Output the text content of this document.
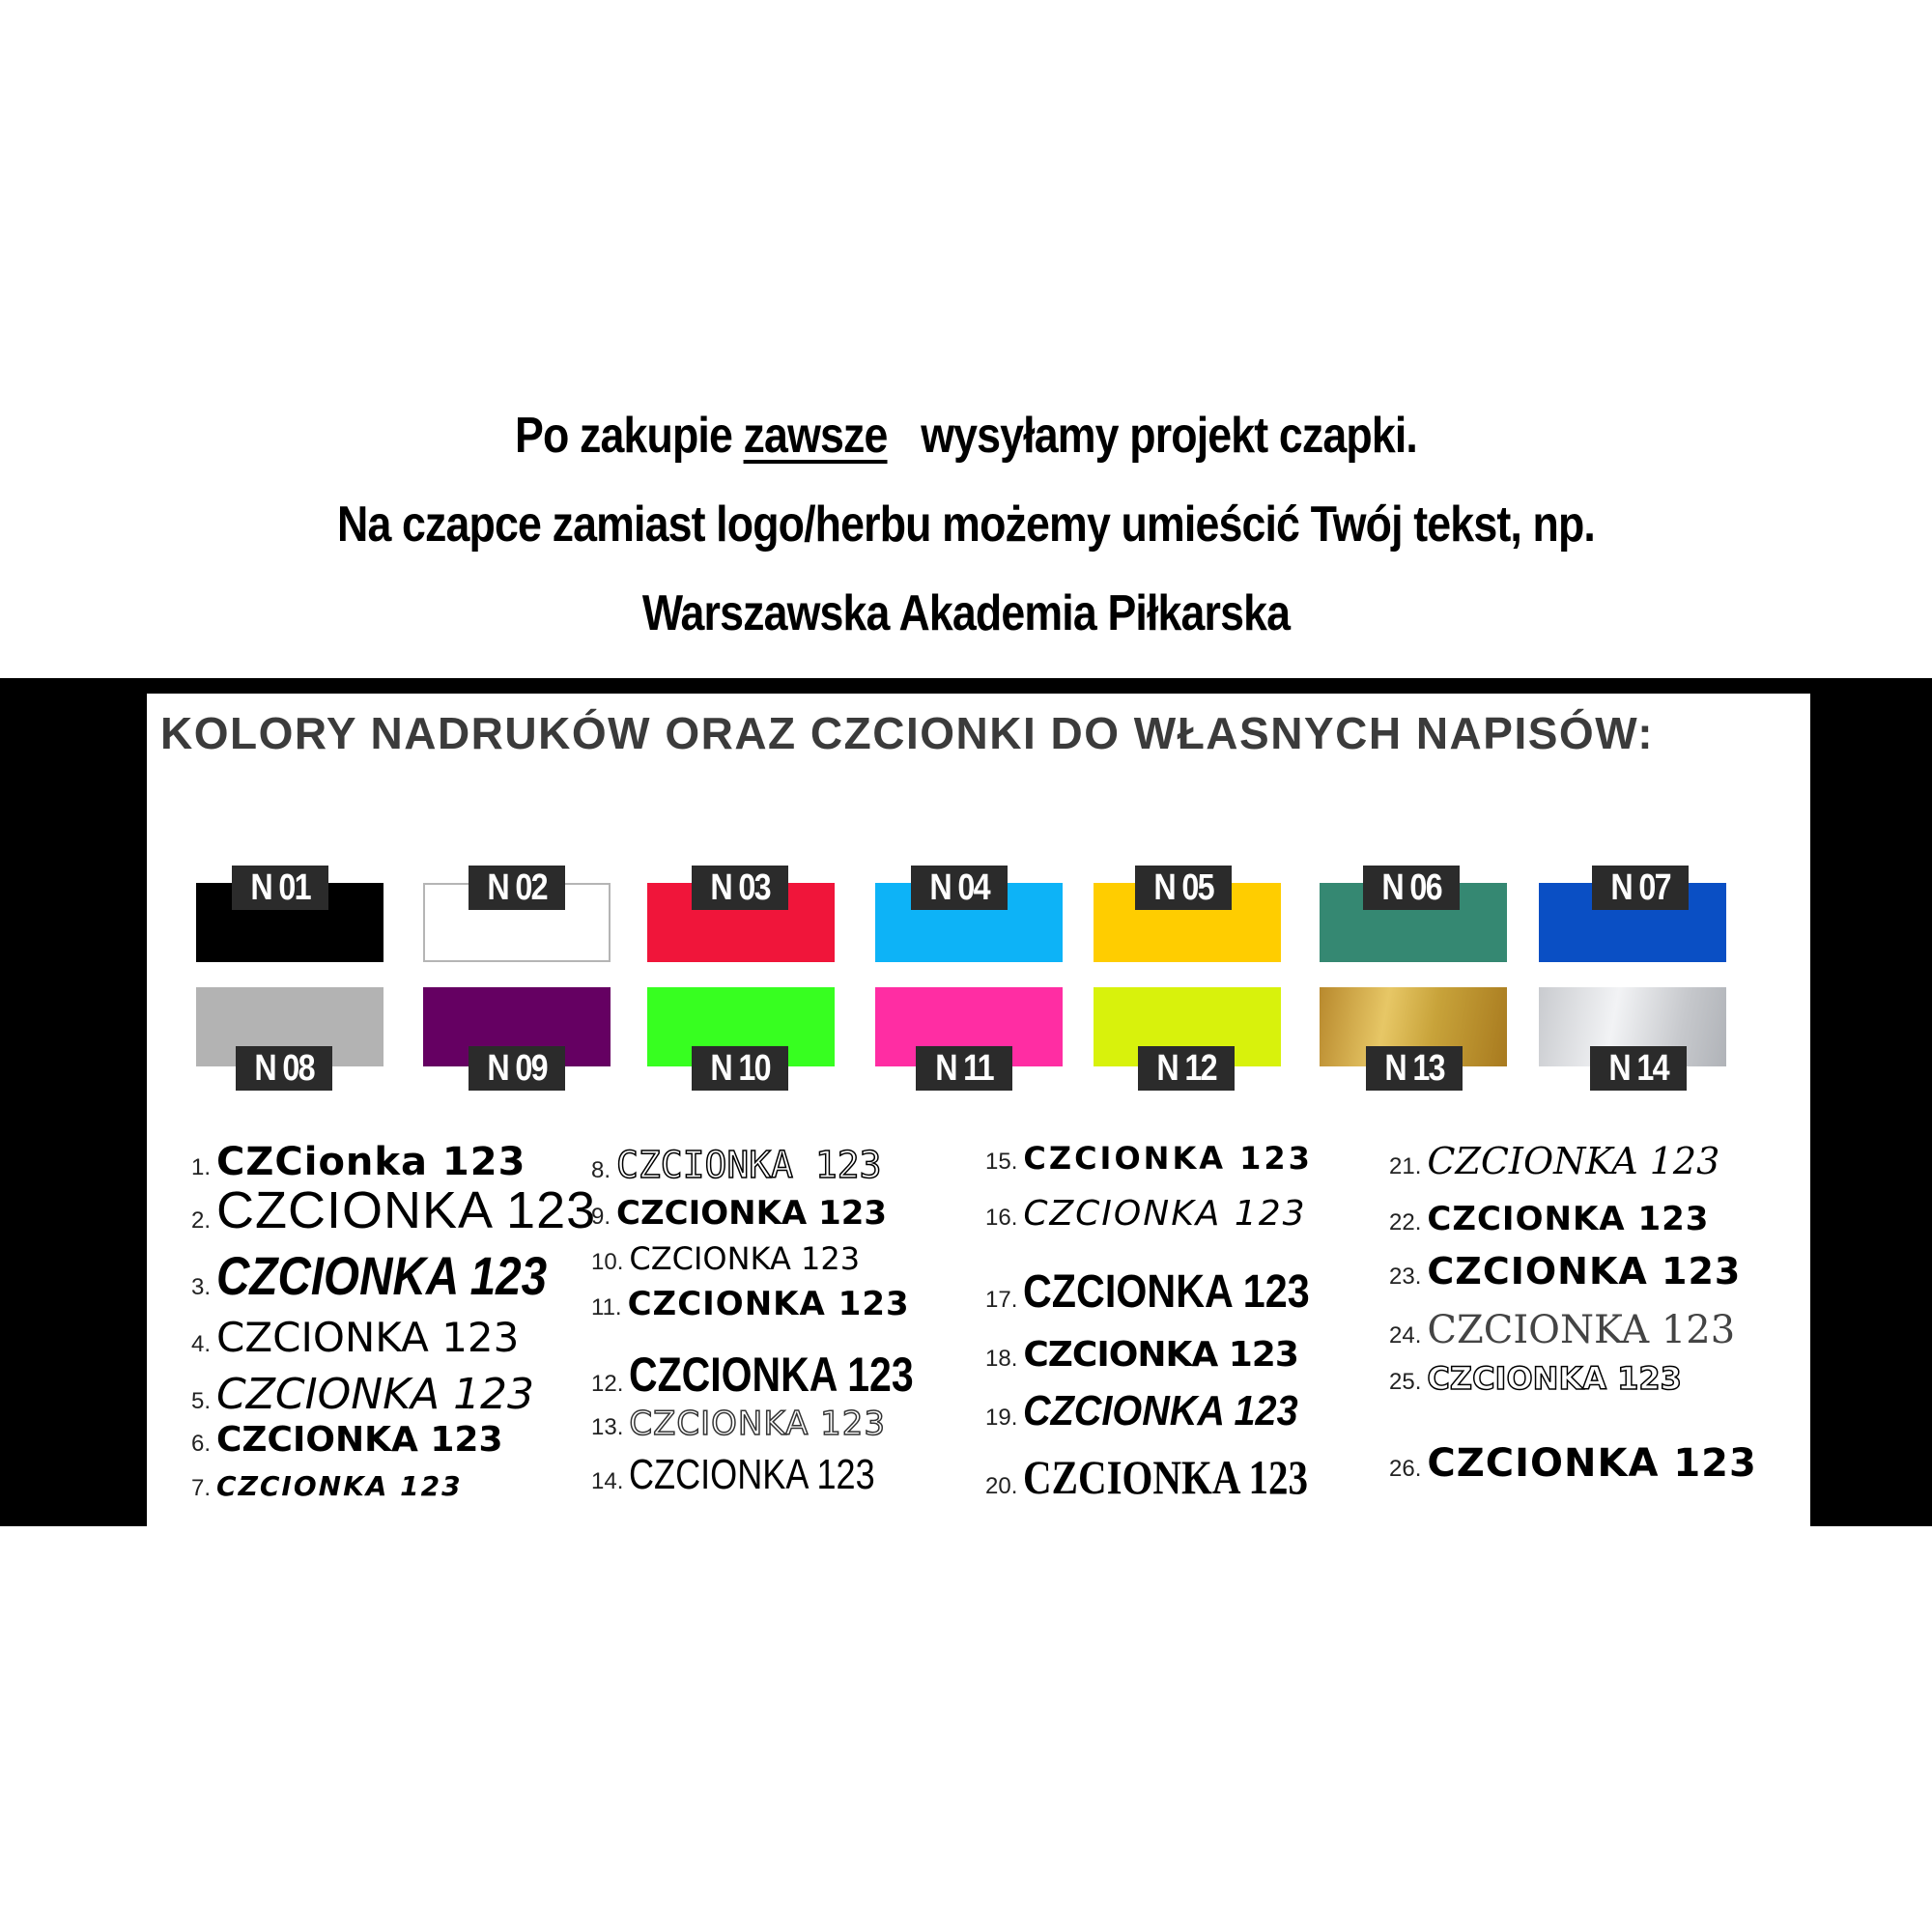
Po zakupie zawsze   wysyłamy projekt czapki.
Na czapce zamiast logo/herbu możemy umieścić Twój tekst, np.
Warszawska Akademia Piłkarska
KOLORY NADRUKÓW ORAZ CZCIONKI DO WŁASNYCH NAPISÓW:
N 01	N 02	N 03	N 04	N 05	N 06	N 07
N 08	N 09	N 10	N 11	N 12	N 13	N 14
1. CZCionka 123
2. CZCIONKA 123
3. CZCIONKA 123
4. CZCIONKA 123
5. CZCIONKA 123
6. CZCIONKA 123
7. CZCIONKA 123
8. CZCIONKA 123
9. CZCIONKA 123
10. CZCIONKA 123
11. CZCIONKA 123
12. CZCIONKA 123
13. CZCIONKA 123
14. CZCIONKA 123
15. CZCIONKA 123
16. CZCIONKA 123
17. CZCIONKA 123
18. CZCIONKA 123
19. CZCIONKA 123
20. CZCIONKA 123
21. CZCIONKA 123
22. CZCIONKA 123
23. CZCIONKA 123
24. CZCIONKA 123
25. CZCIONKA 123
26. CZCIONKA 123
